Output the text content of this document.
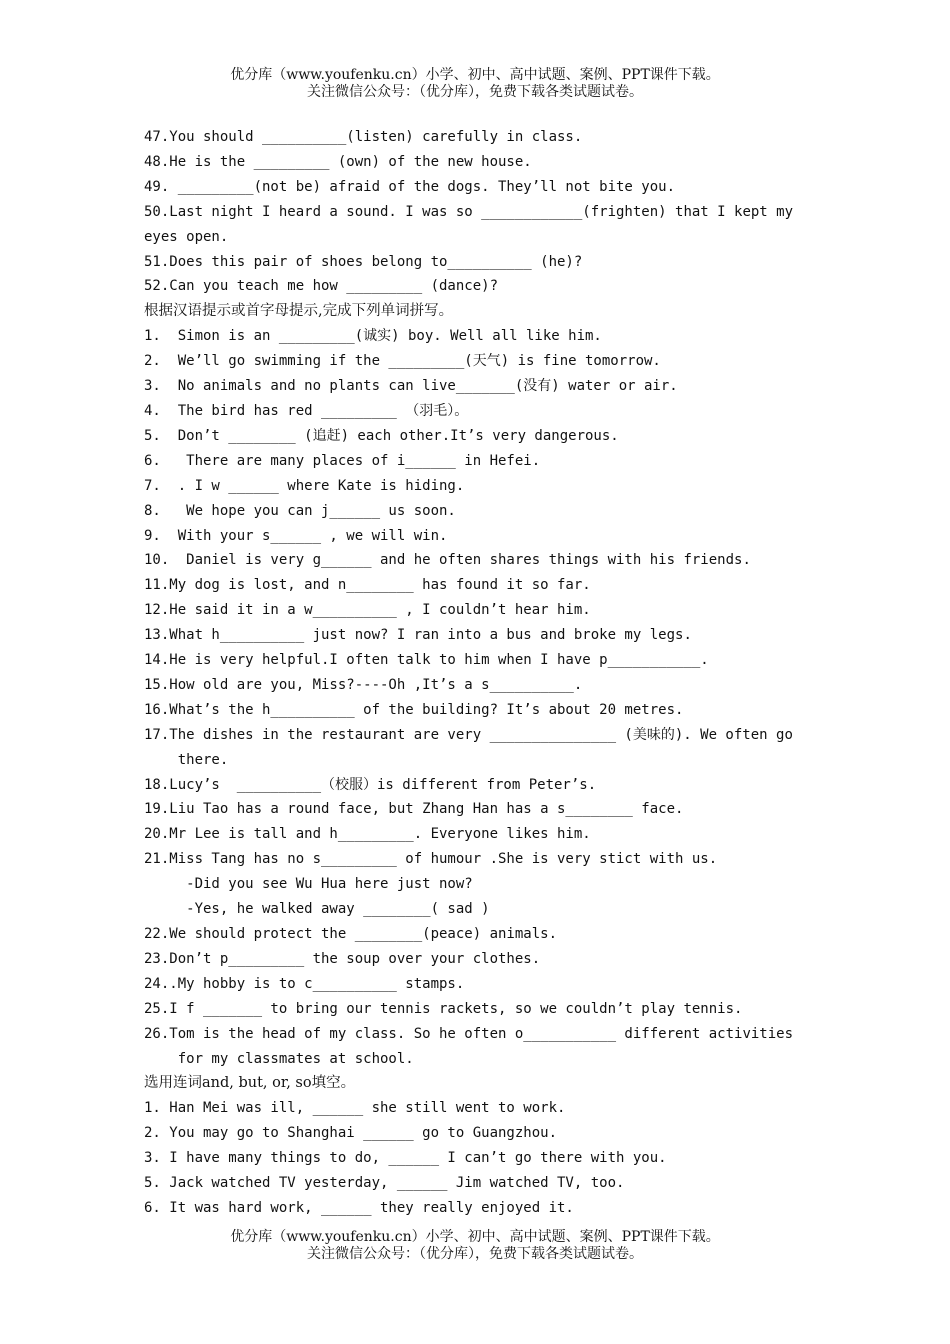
优分库（www.youfenku.cn）小学、初中、高中试题、案例、PPT课件下载。
关注微信公众号：（优分库），免费下载各类试题试卷。
47.You should __________(listen) carefully in class.
48.He is the _________ (own) of the new house.
49. _________(not be) afraid of the dogs. They’ll not bite you.
50.Last night I heard a sound. I was so ____________(frighten) that I kept my
eyes open.
51.Does this pair of shoes belong to__________ (he)?
52.Can you teach me how _________ (dance)?
根据汉语提示或首字母提示,完成下列单词拼写。
1.  Simon is an _________(诚实) boy. Well all like him.
2.  We’ll go swimming if the _________(天气) is fine tomorrow.
3.  No animals and no plants can live_______(没有) water or air.
4.  The bird has red _________ （羽毛）。
5.  Don’t ________ (追赶) each other.It’s very dangerous.
6.   There are many places of i______ in Hefei.
7.  . I w ______ where Kate is hiding.
8.   We hope you can j______ us soon.
9.  With your s______ , we will win.
10.  Daniel is very g______ and he often shares things with his friends.
11.My dog is lost, and n________ has found it so far.
12.He said it in a w__________ , I couldn’t hear him.
13.What h__________ just now? I ran into a bus and broke my legs.
14.He is very helpful.I often talk to him when I have p___________.
15.How old are you, Miss?----Oh ,It’s a s__________.
16.What’s the h__________ of the building? It’s about 20 metres.
17.The dishes in the restaurant are very _______________ (美味的). We often go
there.
18.Lucy’s  __________（校服）is different from Peter’s.
19.Liu Tao has a round face, but Zhang Han has a s________ face.
20.Mr Lee is tall and h_________. Everyone likes him.
21.Miss Tang has no s_________ of humour .She is very stict with us.
-Did you see Wu Hua here just now?
-Yes, he walked away ________( sad )
22.We should protect the ________(peace) animals.
23.Don’t p_________ the soup over your clothes.
24..My hobby is to c__________ stamps.
25.I f _______ to bring our tennis rackets, so we couldn’t play tennis.
26.Tom is the head of my class. So he often o___________ different activities
for my classmates at school.
选用连词and, but, or, so填空。
1. Han Mei was ill, ______ she still went to work.
2. You may go to Shanghai ______ go to Guangzhou.
3. I have many things to do, ______ I can’t go there with you.
5. Jack watched TV yesterday, ______ Jim watched TV, too.
6. It was hard work, ______ they really enjoyed it.
优分库（www.youfenku.cn）小学、初中、高中试题、案例、PPT课件下载。
关注微信公众号：（优分库），免费下载各类试题试卷。
